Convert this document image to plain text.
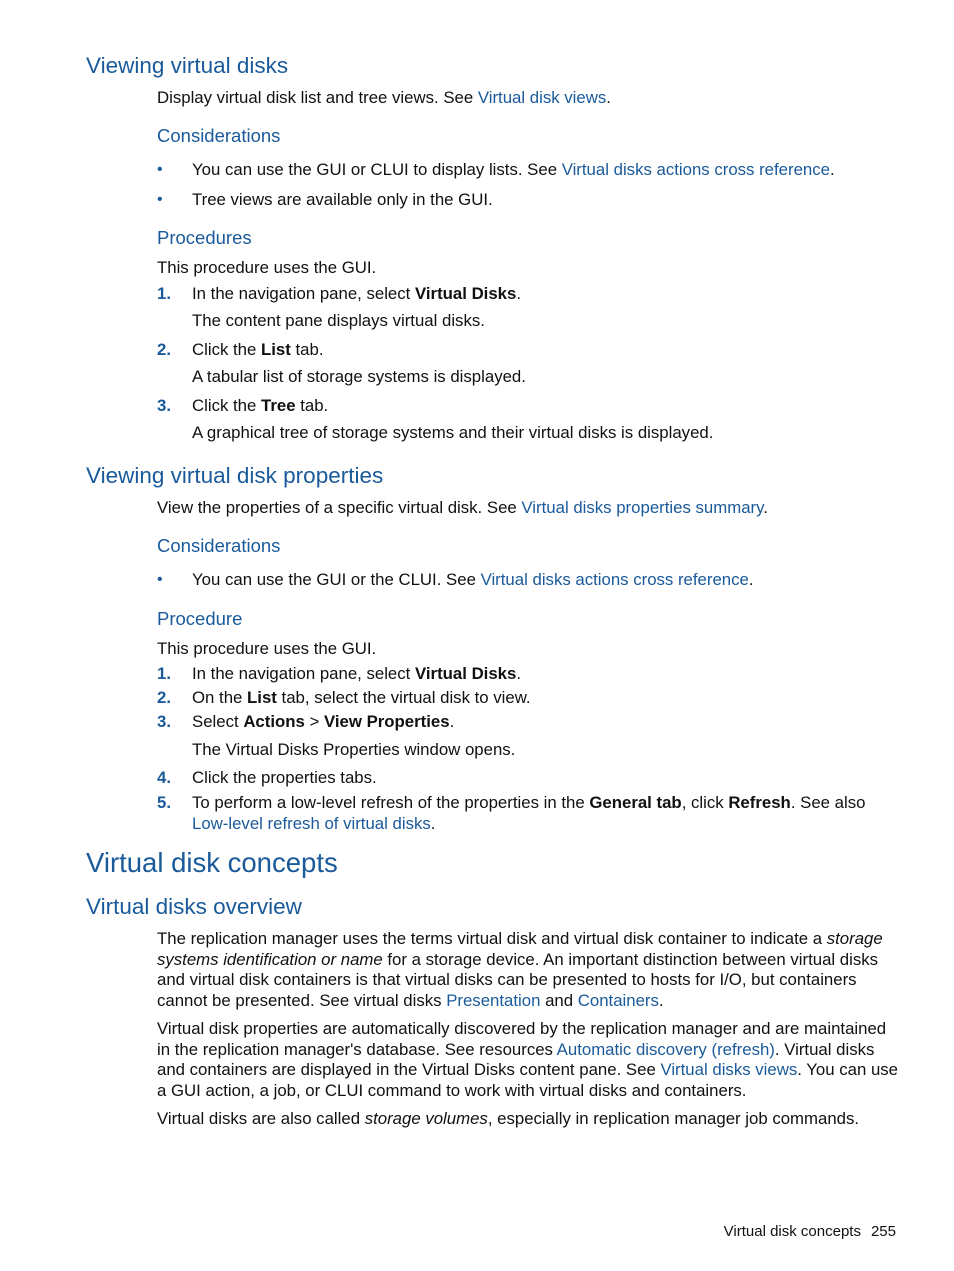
Viewing virtual disks

Display virtual disk list and tree views. See Virtual disk views.

Considerations
• You can use the GUI or CLUI to display lists. See Virtual disks actions cross reference.

• Tree views are available only in the GUI.

Procedures

This procedure uses the GUI.

1. In the navigation pane, select Virtual Disks.

The content pane displays virtual disks.

2. Click the List tab.

A tabular list of storage systems is displayed.

3. Click the Tree tab.

A graphical tree of storage systems and their virtual disks is displayed.

Viewing virtual disk properties

View the properties of a specific virtual disk. See Virtual disks properties summary.

Considerations
• You can use the GUI or the CLUI. See Virtual disks actions cross reference.

Procedure

This procedure uses the GUI.

1. In the navigation pane, select Virtual Disks.

2. On the List tab, select the virtual disk to view.

3. Select Actions > View Properties.

The Virtual Disks Properties window opens.

4. Click the properties tabs.

5. To perform a low-level refresh of the properties in the General tab, click Refresh. See also
Low-level refresh of virtual disks.

Virtual disk concepts
Virtual disks overview

The replication manager uses the terms virtual disk and virtual disk container to indicate a storage systems identification or name for a storage device. An important distinction between virtual disks and virtual disk containers is that virtual disks can be presented to hosts for I/O, but containers cannot be presented. See virtual disks Presentation and Containers.

Virtual disk properties are automatically discovered by the replication manager and are maintained in the replication manager's database. See resources Automatic discovery (refresh). Virtual disks and containers are displayed in the Virtual Disks content pane. See Virtual disks views. You can use a GUI action, a job, or CLUI command to work with virtual disks and containers.

Virtual disks are also called storage volumes, especially in replication manager job commands.

Virtual disk concepts 255
